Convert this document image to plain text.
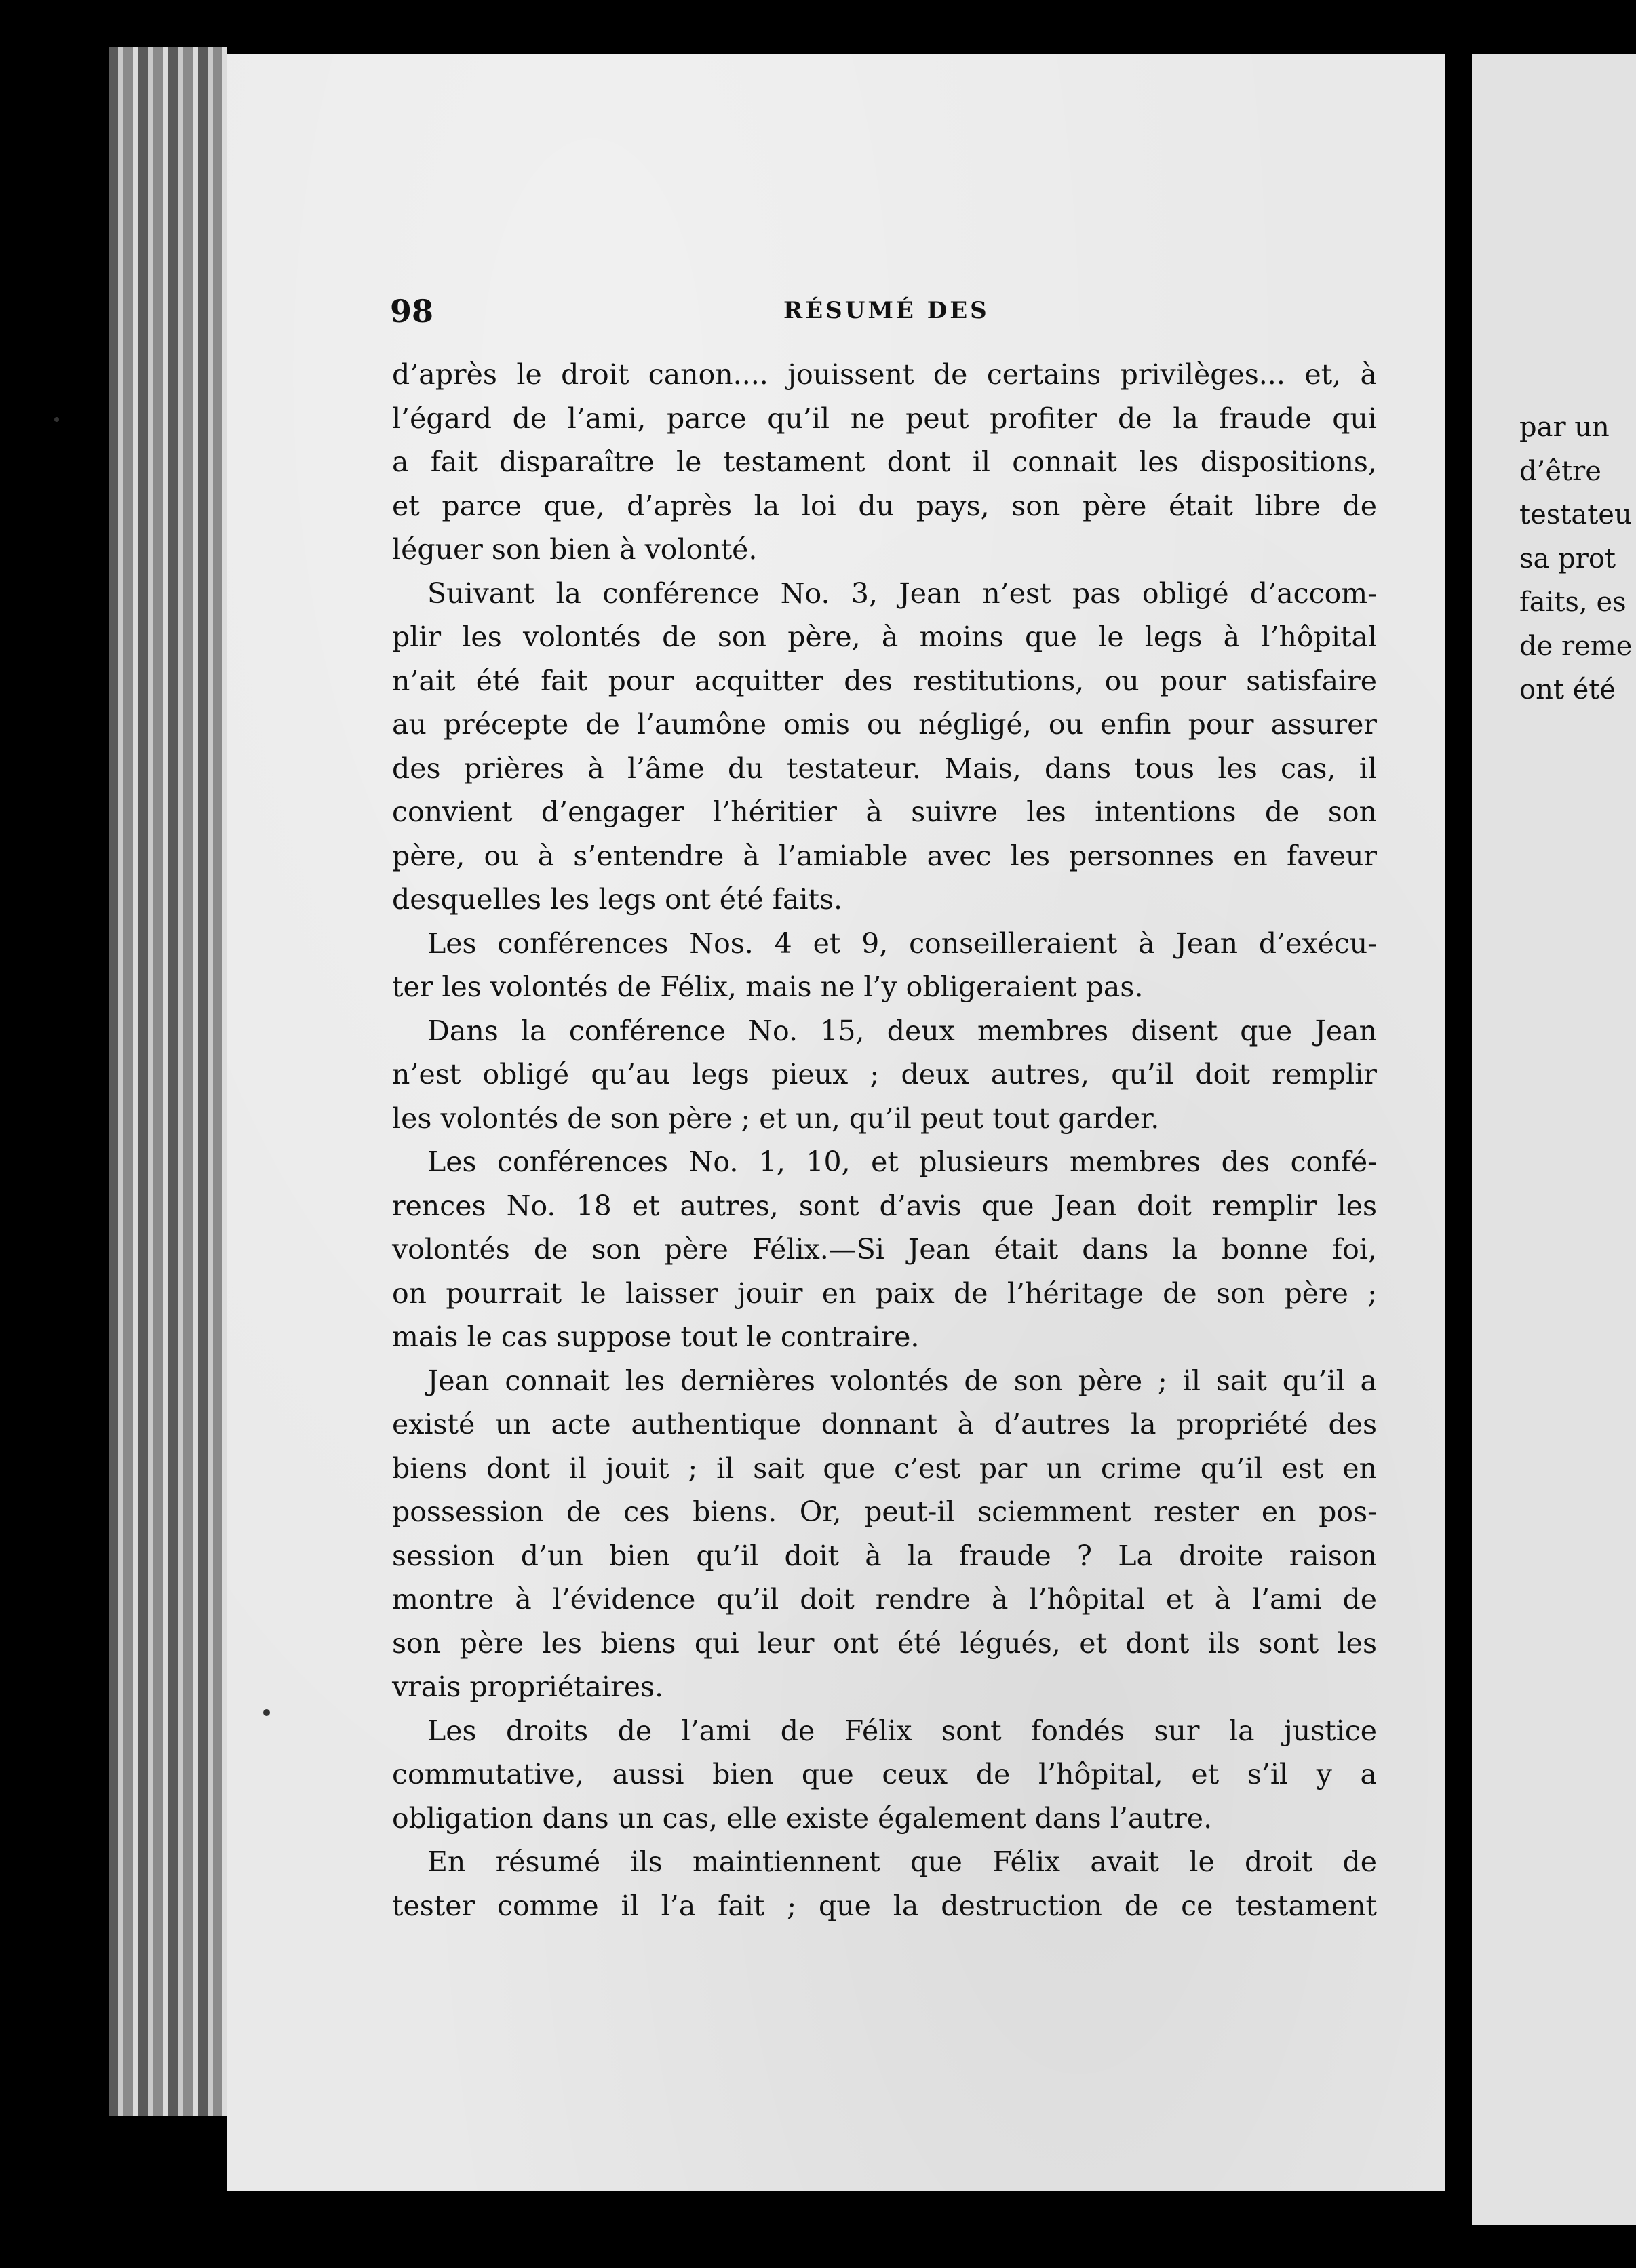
98	RÉSUMÉ DES
d’après le droit canon.... jouissent de certains privilèges... et, à
l’égard de l’ami, parce qu’il ne peut profiter de la fraude qui
a fait disparaître le testament dont il connait les dispositions,
et parce que, d’après la loi du pays, son père était libre de
léguer son bien à volonté.
Suivant la conférence No. 3, Jean n’est pas obligé d’accom-
plir les volontés de son père, à moins que le legs à l’hôpital
n’ait été fait pour acquitter des restitutions, ou pour satisfaire
au précepte de l’aumône omis ou négligé, ou enfin pour assurer
des prières à l’âme du testateur. Mais, dans tous les cas, il
convient d’engager l’héritier à suivre les intentions de son
père, ou à s’entendre à l’amiable avec les personnes en faveur
desquelles les legs ont été faits.
Les conférences Nos. 4 et 9, conseilleraient à Jean d’exécu-
ter les volontés de Félix, mais ne l’y obligeraient pas.
Dans la conférence No. 15, deux membres disent que Jean
n’est obligé qu’au legs pieux ; deux autres, qu’il doit remplir
les volontés de son père ; et un, qu’il peut tout garder.
Les conférences No. 1, 10, et plusieurs membres des confé-
rences No. 18 et autres, sont d’avis que Jean doit remplir les
volontés de son père Félix.—Si Jean était dans la bonne foi,
on pourrait le laisser jouir en paix de l’héritage de son père ;
mais le cas suppose tout le contraire.
Jean connait les dernières volontés de son père ; il sait qu’il a
existé un acte authentique donnant à d’autres la propriété des
biens dont il jouit ; il sait que c’est par un crime qu’il est en
possession de ces biens. Or, peut-il sciemment rester en pos-
session d’un bien qu’il doit à la fraude ? La droite raison
montre à l’évidence qu’il doit rendre à l’hôpital et à l’ami de
son père les biens qui leur ont été légués, et dont ils sont les
vrais propriétaires.
Les droits de l’ami de Félix sont fondés sur la justice
commutative, aussi bien que ceux de l’hôpital, et s’il y a
obligation dans un cas, elle existe également dans l’autre.
En résumé ils maintiennent que Félix avait le droit de
tester comme il l’a fait ; que la destruction de ce testament
par un
d’être
testateu
sa prot
faits, es
de reme
ont été
